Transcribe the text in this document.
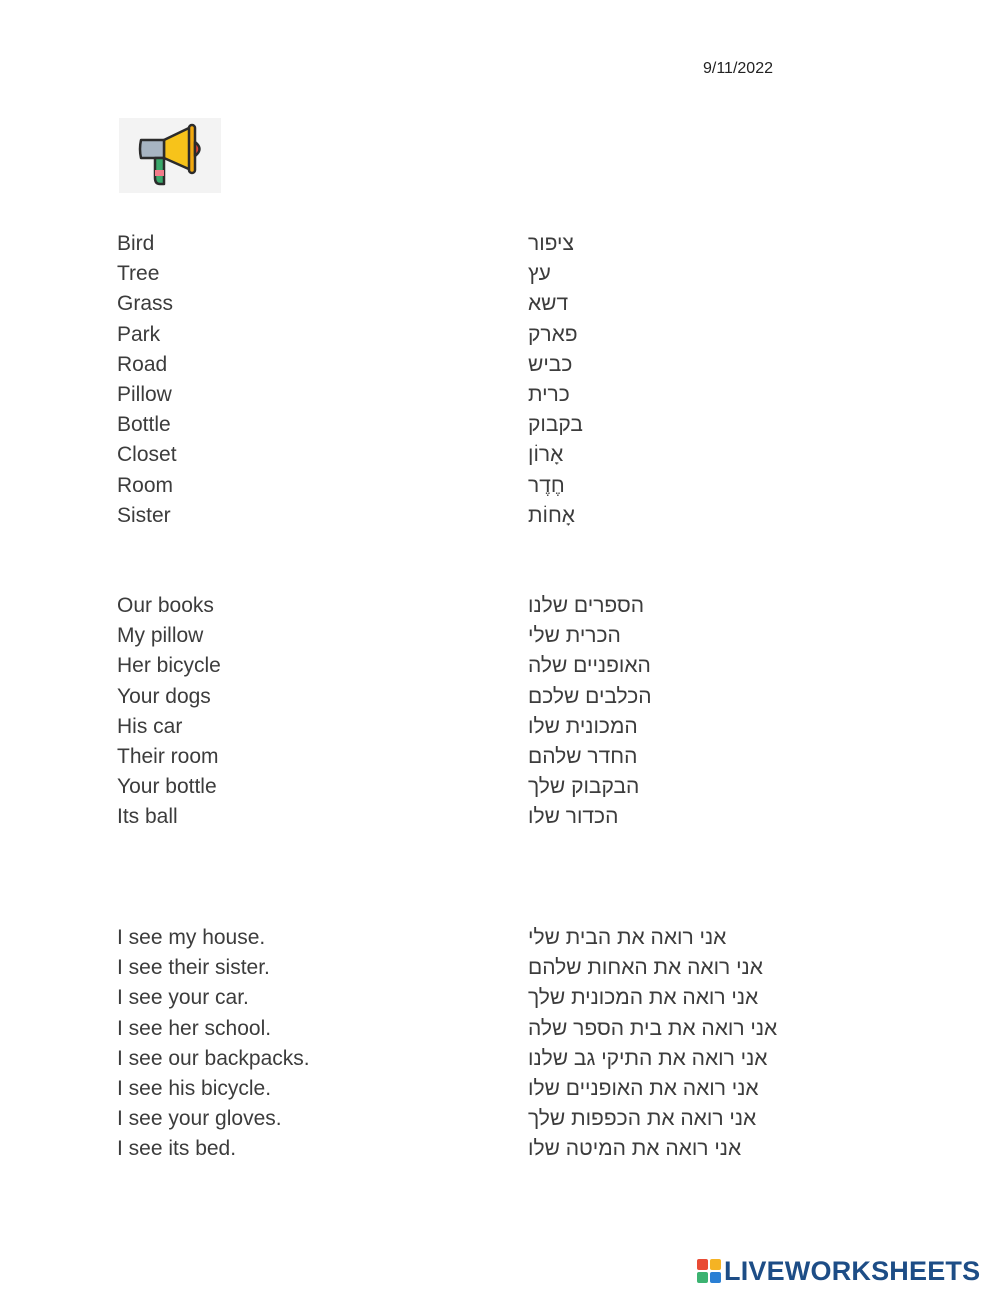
9/11/2022
Bird	ציפור
Tree	עץ
Grass	דשא
Park	פארק
Road	כביש
Pillow	כרית
Bottle	בקבוק
Closet	אָרוֹן
Room	חֶדֶר
Sister	אָחוֹת
Our books	הספרים שלנו
My pillow	הכרית שלי
Her bicycle	האופניים שלה
Your dogs	הכלבים שלכם
His car	המכונית שלו
Their room	החדר שלהם
Your bottle	הבקבוק שלך
Its ball	הכדור שלו
I see my house.	אני רואה את הבית שלי
I see their sister.	אני רואה את האחות שלהם
I see your car.	אני רואה את המכונית שלך
I see her school.	אני רואה את בית הספר שלה
I see our backpacks.	אני רואה את התיקי גב שלנו
I see his bicycle.	אני רואה את האופניים שלו
I see your gloves.	אני רואה את הכפפות שלך
I see its bed.	אני רואה את המיטה שלו
LIVEWORKSHEETS
